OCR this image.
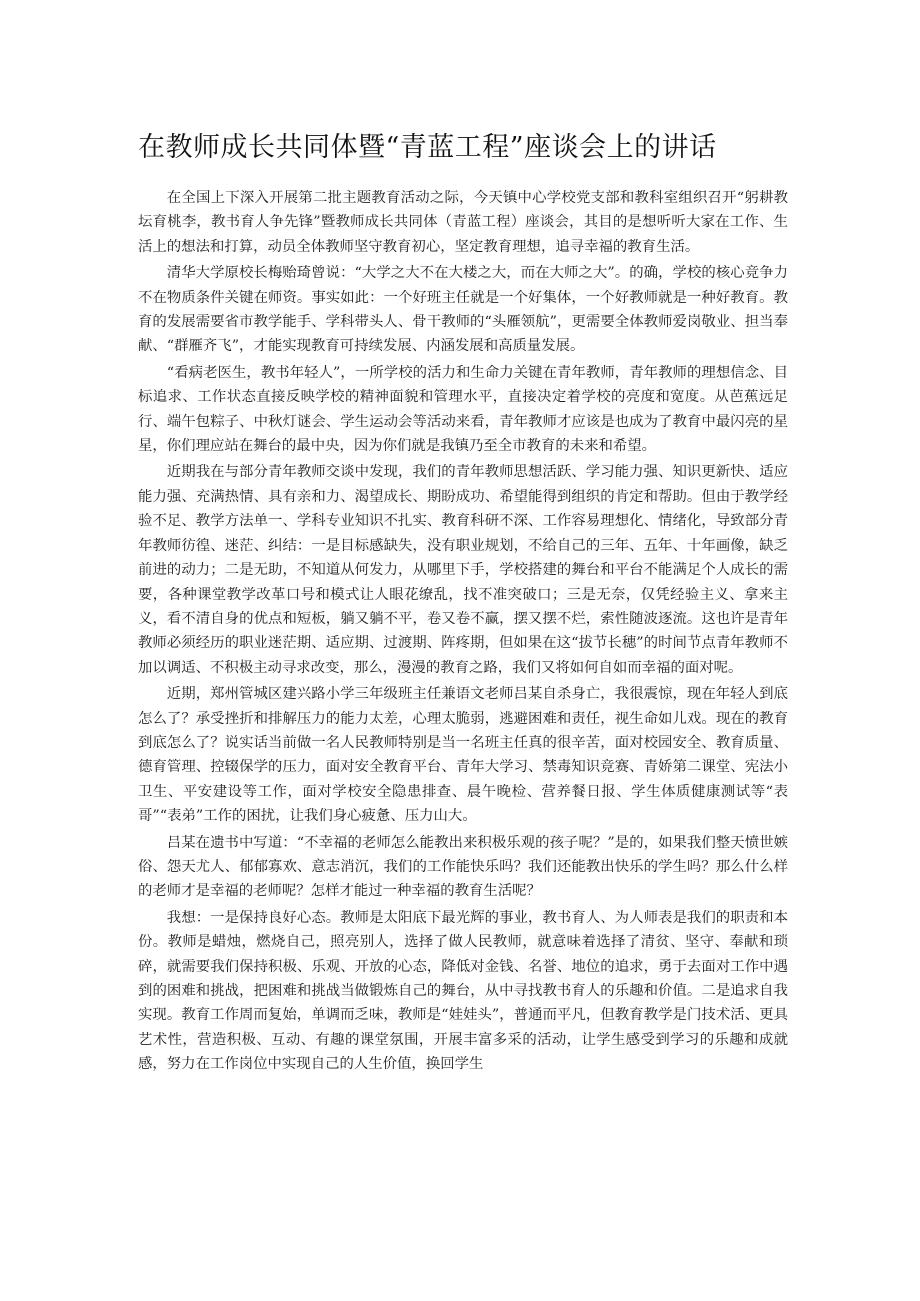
在教师成长共同体暨“青蓝工程”座谈会上的讲话

在全国上下深入开展第二批主题教育活动之际，今天镇中心学校党支部和教科室组织召开“躬耕教坛育桃李，教书育人争先锋”暨教师成长共同体（青蓝工程）座谈会，其目的是想听听大家在工作、生活上的想法和打算，动员全体教师坚守教育初心，坚定教育理想，追寻幸福的教育生活。

清华大学原校长梅贻琦曾说：“大学之大不在大楼之大，而在大师之大”。的确，学校的核心竞争力不在物质条件关键在师资。事实如此：一个好班主任就是一个好集体，一个好教师就是一种好教育。教育的发展需要省市教学能手、学科带头人、骨干教师的“头雁领航”，更需要全体教师爱岗敬业、担当奉献、“群雁齐飞”，才能实现教育可持续发展、内涵发展和高质量发展。

“看病老医生，教书年轻人”，一所学校的活力和生命力关键在青年教师，青年教师的理想信念、目标追求、工作状态直接反映学校的精神面貌和管理水平，直接决定着学校的亮度和宽度。从芭蕉远足行、端午包粽子、中秋灯谜会、学生运动会等活动来看，青年教师才应该是也成为了教育中最闪亮的星星，你们理应站在舞台的最中央，因为你们就是我镇乃至全市教育的未来和希望。

近期我在与部分青年教师交谈中发现，我们的青年教师思想活跃、学习能力强、知识更新快、适应能力强、充满热情、具有亲和力、渴望成长、期盼成功、希望能得到组织的肯定和帮助。但由于教学经验不足、教学方法单一、学科专业知识不扎实、教育科研不深、工作容易理想化、情绪化，导致部分青年教师彷徨、迷茫、纠结：一是目标感缺失，没有职业规划，不给自己的三年、五年、十年画像，缺乏前进的动力；二是无助，不知道从何发力，从哪里下手，学校搭建的舞台和平台不能满足个人成长的需要，各种课堂教学改革口号和模式让人眼花缭乱，找不准突破口；三是无奈，仅凭经验主义、拿来主义，看不清自身的优点和短板，躺又躺不平，卷又卷不赢，摆又摆不烂，索性随波逐流。这也许是青年教师必须经历的职业迷茫期、适应期、过渡期、阵疼期，但如果在这“拔节长穗”的时间节点青年教师不加以调适、不积极主动寻求改变，那么，漫漫的教育之路，我们又将如何自如而幸福的面对呢。

近期，郑州管城区建兴路小学三年级班主任兼语文老师吕某自杀身亡，我很震惊，现在年轻人到底怎么了？承受挫折和排解压力的能力太差，心理太脆弱，逃避困难和责任，视生命如儿戏。现在的教育到底怎么了？说实话当前做一名人民教师特别是当一名班主任真的很辛苦，面对校园安全、教育质量、德育管理、控辍保学的压力，面对安全教育平台、青年大学习、禁毒知识竞赛、青娇第二课堂、宪法小卫生、平安建设等工作，面对学校安全隐患排查、晨午晚检、营养餐日报、学生体质健康测试等“表哥”“表弟”工作的困扰，让我们身心疲惫、压力山大。

吕某在遗书中写道：“不幸福的老师怎么能教出来积极乐观的孩子呢？”是的，如果我们整天愤世嫉俗、怨天尤人、郁郁寡欢、意志消沉，我们的工作能快乐吗？我们还能教出快乐的学生吗？那么什么样的老师才是幸福的老师呢？怎样才能过一种幸福的教育生活呢？

我想：一是保持良好心态。教师是太阳底下最光辉的事业，教书育人、为人师表是我们的职责和本份。教师是蜡烛，燃烧自己，照亮别人，选择了做人民教师，就意味着选择了清贫、坚守、奉献和琐碎，就需要我们保持积极、乐观、开放的心态，降低对金钱、名誉、地位的追求，勇于去面对工作中遇到的困难和挑战，把困难和挑战当做锻炼自己的舞台，从中寻找教书育人的乐趣和价值。二是追求自我实现。教育工作周而复始，单调而乏味，教师是“娃娃头”，普通而平凡，但教育教学是门技术活、更具艺术性，营造积极、互动、有趣的课堂氛围，开展丰富多采的活动，让学生感受到学习的乐趣和成就感，努力在工作岗位中实现自己的人生价值，换回学生
